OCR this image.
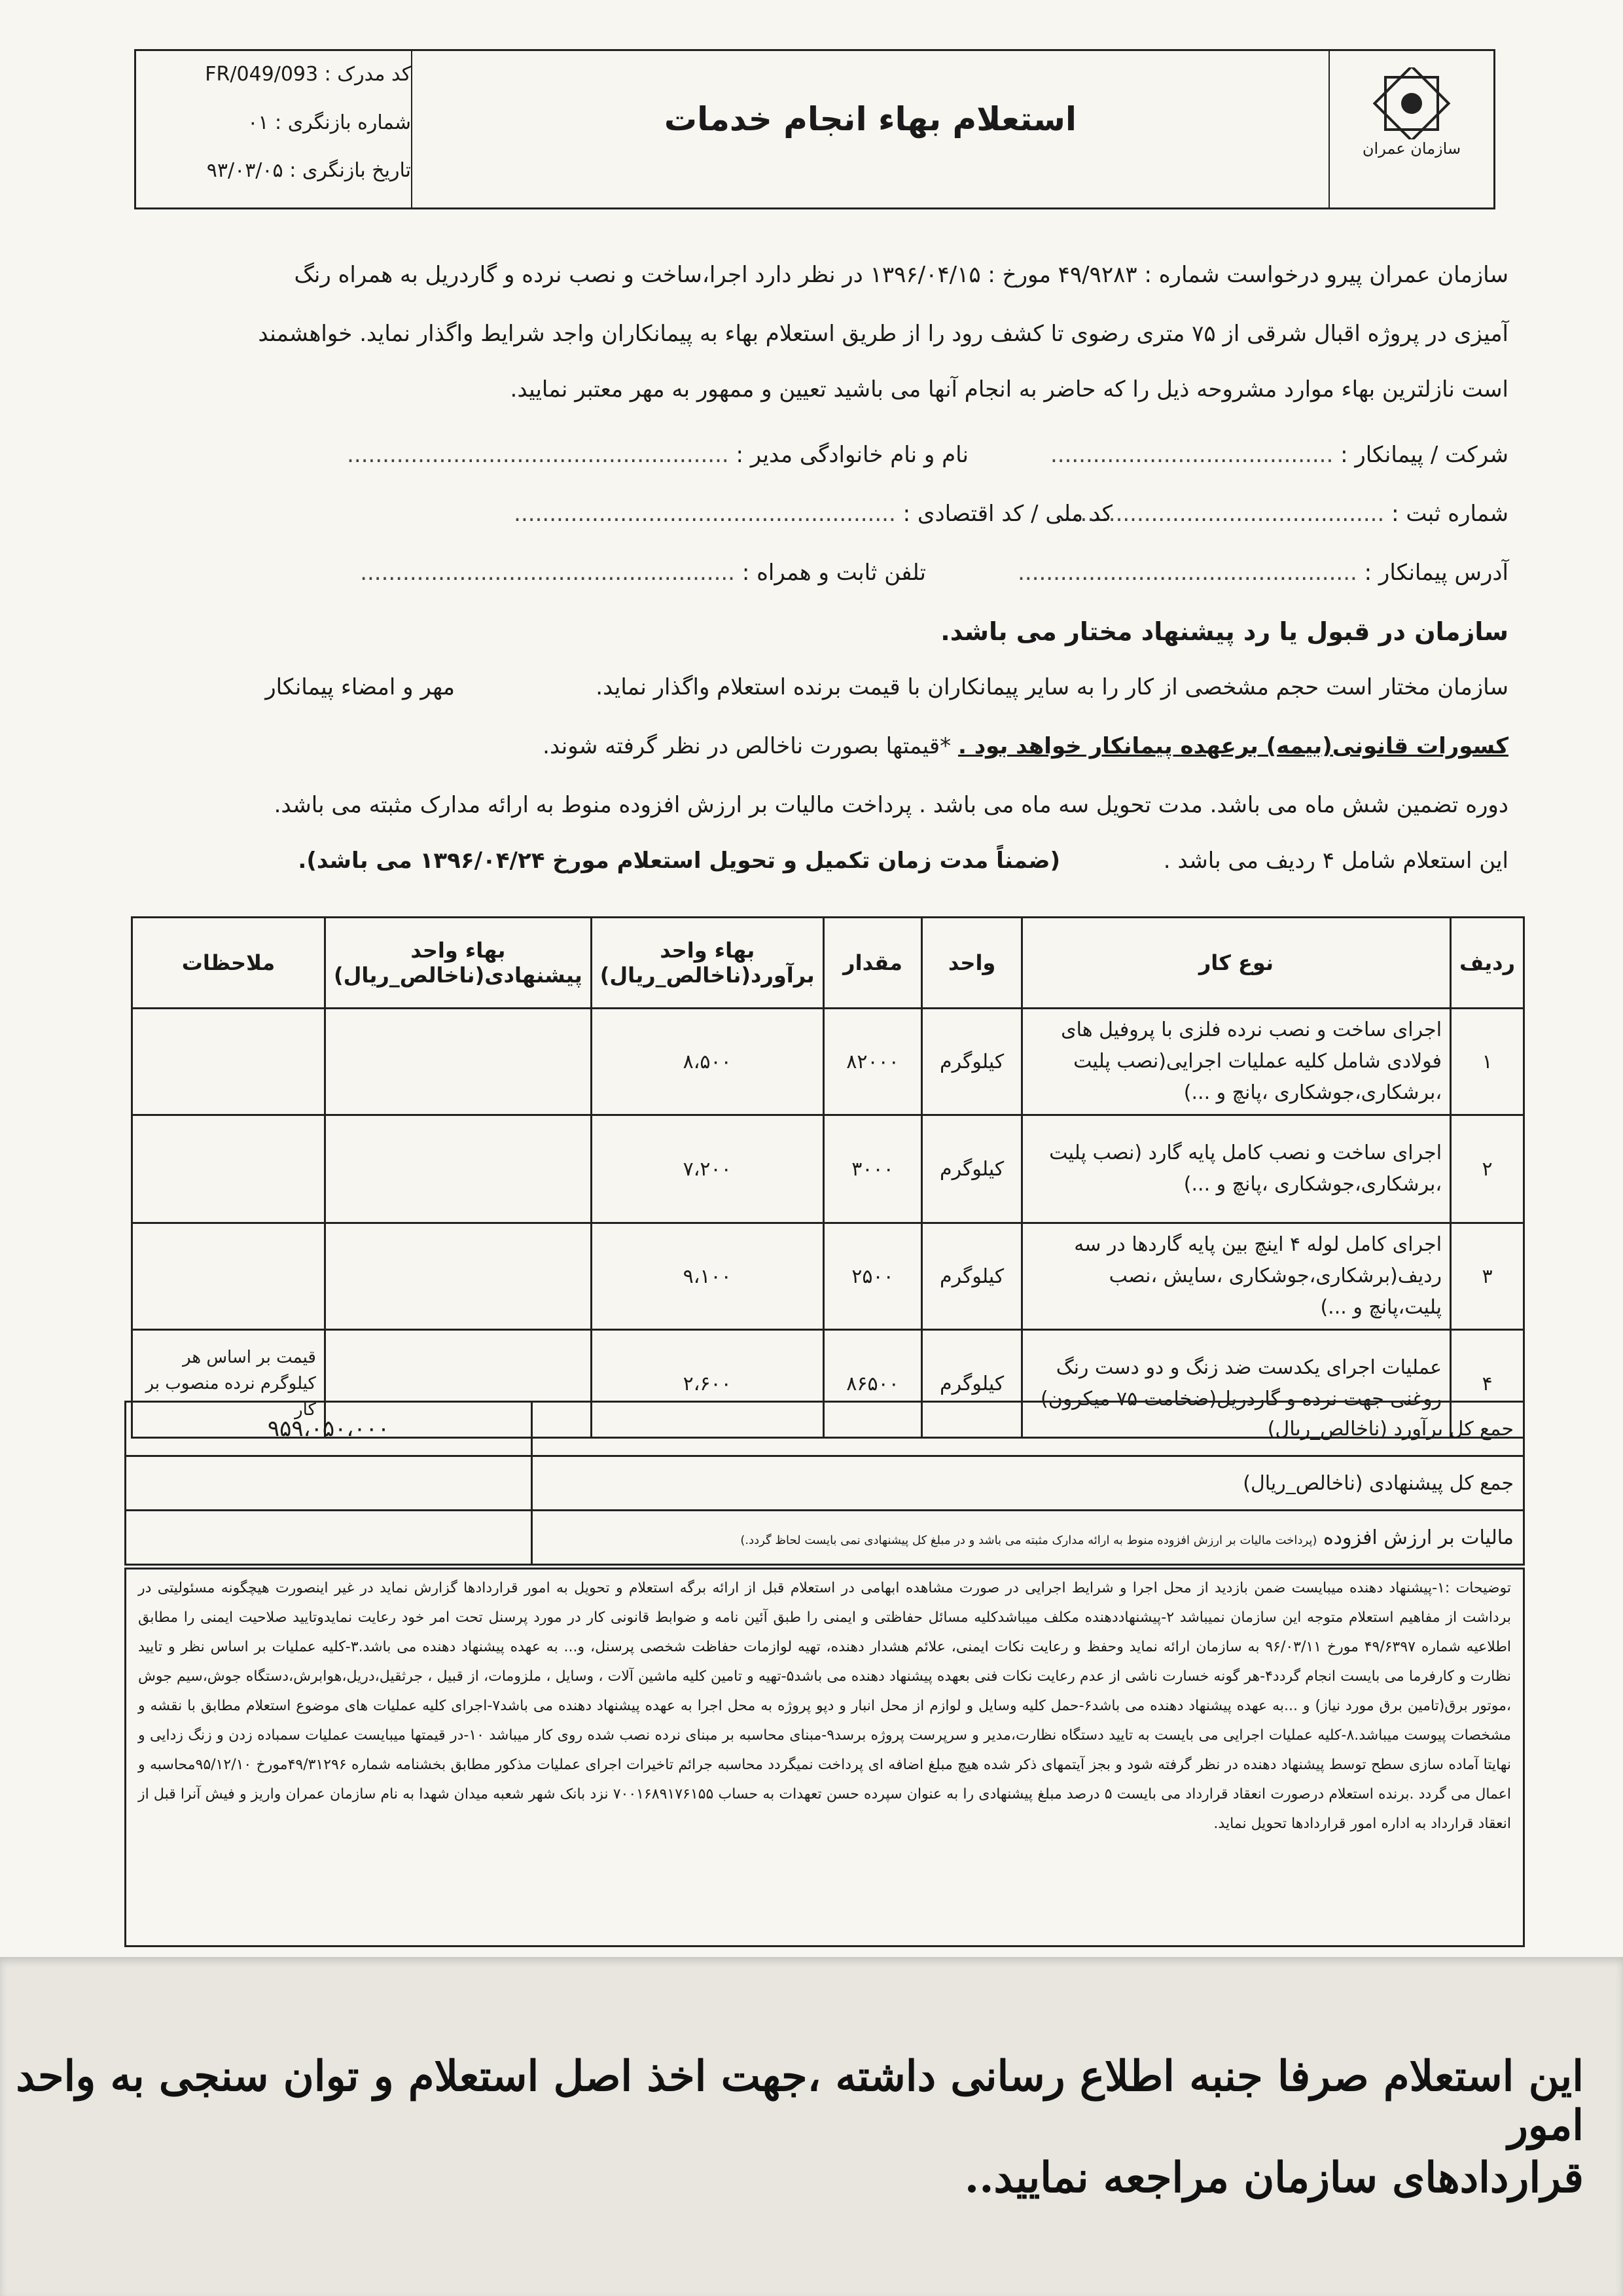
استعلام بهاء انجام خدمات
کد مدرک : FR/049/093
شماره بازنگری : ۰۱
تاریخ بازنگری : ۹۳/۰۳/۰۵
سازمان عمران
سازمان عمران پیرو درخواست شماره : ۴۹/۹۲۸۳ مورخ : ۱۳۹۶/۰۴/۱۵ در نظر دارد اجرا،ساخت و نصب نرده و گاردریل به همراه رنگ
آمیزی در پروژه اقبال شرقی از ۷۵ متری رضوی تا کشف رود را از طریق استعلام بهاء به پیمانکاران واجد شرایط واگذار نماید. خواهشمند
است نازلترین بهاء موارد مشروحه ذیل را که حاضر به انجام آنها می باشید تعیین و ممهور به مهر معتبر نمایید.
شرکت / پیمانکار : ........................................
نام و نام خانوادگی مدیر : ......................................................
شماره ثبت : ..............................................
کد ملی / کد اقتصادی : ......................................................
آدرس پیمانکار : ................................................
تلفن ثابت و همراه : .....................................................
سازمان در قبول یا رد پیشنهاد مختار می باشد.
سازمان مختار است حجم مشخصی از کار را به سایر پیمانکاران با قیمت برنده استعلام واگذار نماید.
مهر و امضاء پیمانکار
کسورات قانونی(بیمه) برعهده پیمانکار خواهد بود . *قیمتها بصورت ناخالص در نظر گرفته شوند.
دوره تضمین شش ماه می باشد. مدت تحویل سه ماه می باشد . پرداخت مالیات بر ارزش افزوده منوط به ارائه مدارک مثبته می باشد.
این استعلام شامل ۴ ردیف می باشد .
(ضمناً مدت زمان تکمیل و تحویل استعلام مورخ ۱۳۹۶/۰۴/۲۴ می باشد).
ردیف	نوع کار	واحد	مقدار	بهاء واحد برآورد(ناخالص_ریال)	بهاء واحد پیشنهادی(ناخالص_ریال)	ملاحظات
۱	اجرای ساخت و نصب نرده فلزی با پروفیل های فولادی شامل کلیه عملیات اجرایی(نصب پلیت ،برشکاری،جوشکاری ،پانچ و ...)	کیلوگرم	۸۲۰۰۰	۸،۵۰۰		
۲	اجرای ساخت و نصب کامل پایه گارد (نصب پلیت ،برشکاری،جوشکاری ،پانچ و ...)	کیلوگرم	۳۰۰۰	۷،۲۰۰		
۳	اجرای کامل لوله ۴ اینچ بین پایه گاردها در سه ردیف(برشکاری،جوشکاری ،سایش ،نصب پلیت،پانچ و ...)	کیلوگرم	۲۵۰۰	۹،۱۰۰		
۴	عملیات اجرای یکدست ضد زنگ و دو دست رنگ روغنی جهت نرده و گاردریل(ضخامت ۷۵ میکرون)	کیلوگرم	۸۶۵۰۰	۲،۶۰۰		قیمت بر اساس هر کیلوگرم نرده منصوب بر کار
جمع کل برآورد (ناخالص_ریال)	۹۵۹،۰۵۰،۰۰۰
جمع کل پیشنهادی (ناخالص_ریال)	
مالیات بر ارزش افزوده (پرداخت مالیات بر ارزش افزوده منوط به ارائه مدارک مثبته می باشد و در مبلغ کل پیشنهادی نمی بایست لحاظ گردد.)	
توضیحات :۱-پیشنهاد دهنده میبایست ضمن بازدید از محل اجرا و شرایط اجرایی در صورت مشاهده ابهامی در استعلام قبل از ارائه برگه استعلام و تحویل به امور قراردادها گزارش نماید در غیر اینصورت هیچگونه مسئولیتی در برداشت از مفاهیم استعلام متوجه این سازمان نمیباشد ۲-پیشنهاددهنده مکلف میباشدکلیه مسائل حفاظتی و ایمنی را طبق آئین نامه و ضوابط قانونی کار در مورد پرسنل تحت امر خود رعایت نمایدوتایید صلاحیت ایمنی را مطابق اطلاعیه شماره ۴۹/۶۳۹۷ مورخ ۹۶/۰۳/۱۱ به سازمان ارائه نماید وحفظ و رعایت نکات ایمنی، علائم هشدار دهنده، تهیه لوازمات حفاظت شخصی پرسنل، و... به عهده پیشنهاد دهنده می باشد.۳-کلیه عملیات بر اساس نظر و تایید نظارت و کارفرما می بایست انجام گردد۴-هر گونه خسارت ناشی از عدم رعایت نکات فنی بعهده پیشنهاد دهنده می باشد۵-تهیه و تامین کلیه ماشین آلات ، وسایل ، ملزومات، از قبیل ، جرثقیل،دریل،هوابرش،دستگاه جوش،سیم جوش ،موتور برق(تامین برق مورد نیاز) و ...به عهده پیشنهاد دهنده می باشد۶-حمل کلیه وسایل و لوازم از محل انبار و دپو پروژه به محل اجرا به عهده پیشنهاد دهنده می باشد۷-اجرای کلیه عملیات های موضوع استعلام مطابق با نقشه و مشخصات پیوست میباشد.۸-کلیه عملیات اجرایی می بایست به تایید دستگاه نظارت،مدیر و سرپرست پروژه برسد۹-مبنای محاسبه بر مبنای نرده نصب شده روی کار میباشد ۱۰-در قیمتها میبایست عملیات سمباده زدن و زنگ زدایی و نهایتا آماده سازی سطح توسط پیشنهاد دهنده در نظر گرفته شود و بجز آیتمهای ذکر شده هیچ مبلغ اضافه ای پرداخت نمیگردد محاسبه جرائم تاخیرات اجرای عملیات مذکور مطابق بخشنامه شماره ۴۹/۳۱۲۹۶مورخ ۹۵/۱۲/۱۰محاسبه و اعمال می گردد .برنده استعلام درصورت انعقاد قرارداد می بایست ۵ درصد مبلغ پیشنهادی را به عنوان سپرده حسن تعهدات به حساب ۷۰۰۱۶۸۹۱۷۶۱۵۵ نزد بانک شهر شعبه میدان شهدا به نام سازمان عمران واریز و فیش آنرا قبل از انعقاد قرارداد به اداره امور قراردادها تحویل نماید.
این استعلام صرفا جنبه اطلاع رسانی داشته ،جهت اخذ اصل استعلام و توان سنجی به واحد امور
قراردادهای سازمان مراجعه نمایید..
